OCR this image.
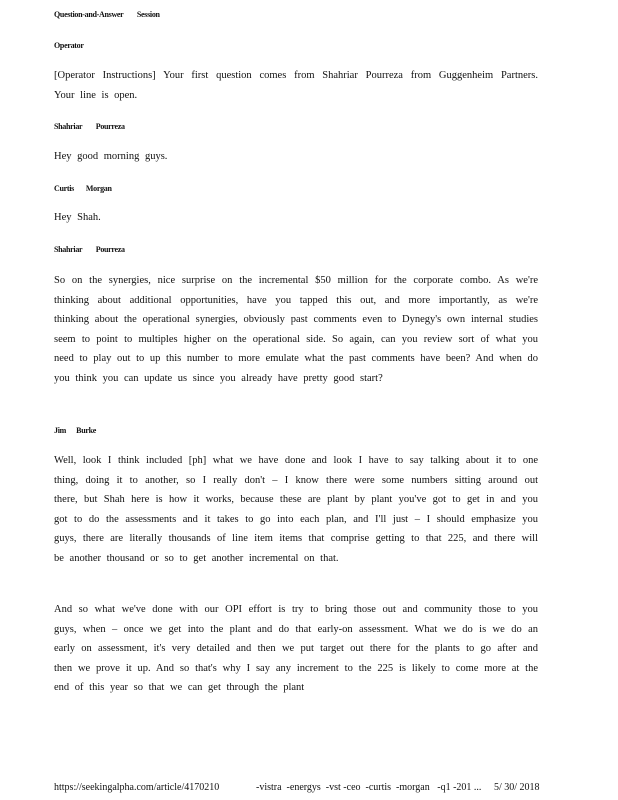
Question-and-Answer        Session
Operator
[Operator Instructions] Your first question comes from Shahriar Pourreza from Guggenheim Partners. Your line is open.
Shahriar        Pourreza
Hey good morning guys.
Curtis       Morgan
Hey Shah.
Shahriar        Pourreza
So on the synergies, nice surprise on the incremental $50 million for the corporate combo. As we're thinking about additional opportunities, have you tapped this out, and more importantly, as we're thinking about the operational synergies, obviously past comments even to Dynegy's own internal studies seem to point to multiples higher on the operational side. So again, can you review sort of what you need to play out to up this number to more emulate what the past comments have been? And when do you think you can update us since you already have pretty good start?
Jim      Burke
Well, look I think included [ph] what we have done and look I have to say talking about it to one thing, doing it to another, so I really don't – I know there were some numbers sitting around out there, but Shah here is how it works, because these are plant by plant you've got to get in and you got to do the assessments and it takes to go into each plan, and I'll just – I should emphasize you guys, there are literally thousands of line item items that comprise getting to that 225, and there will be another thousand or so to get another incremental on that.
And so what we've done with our OPI effort is try to bring those out and community those to you guys, when – once we get into the plant and do that early-on assessment. What we do is we do an early on assessment, it's very detailed and then we put target out there for the plants to go after and then we prove it up. And so that's why I say any increment to the 225 is likely to come more at the end of this year so that we can get through the plant
https://seekingalpha.com/article/4170210	-vistra  -energys  -vst -ceo  -curtis  -morgan   -q1 -201 ... 5/ 30/ 2018
